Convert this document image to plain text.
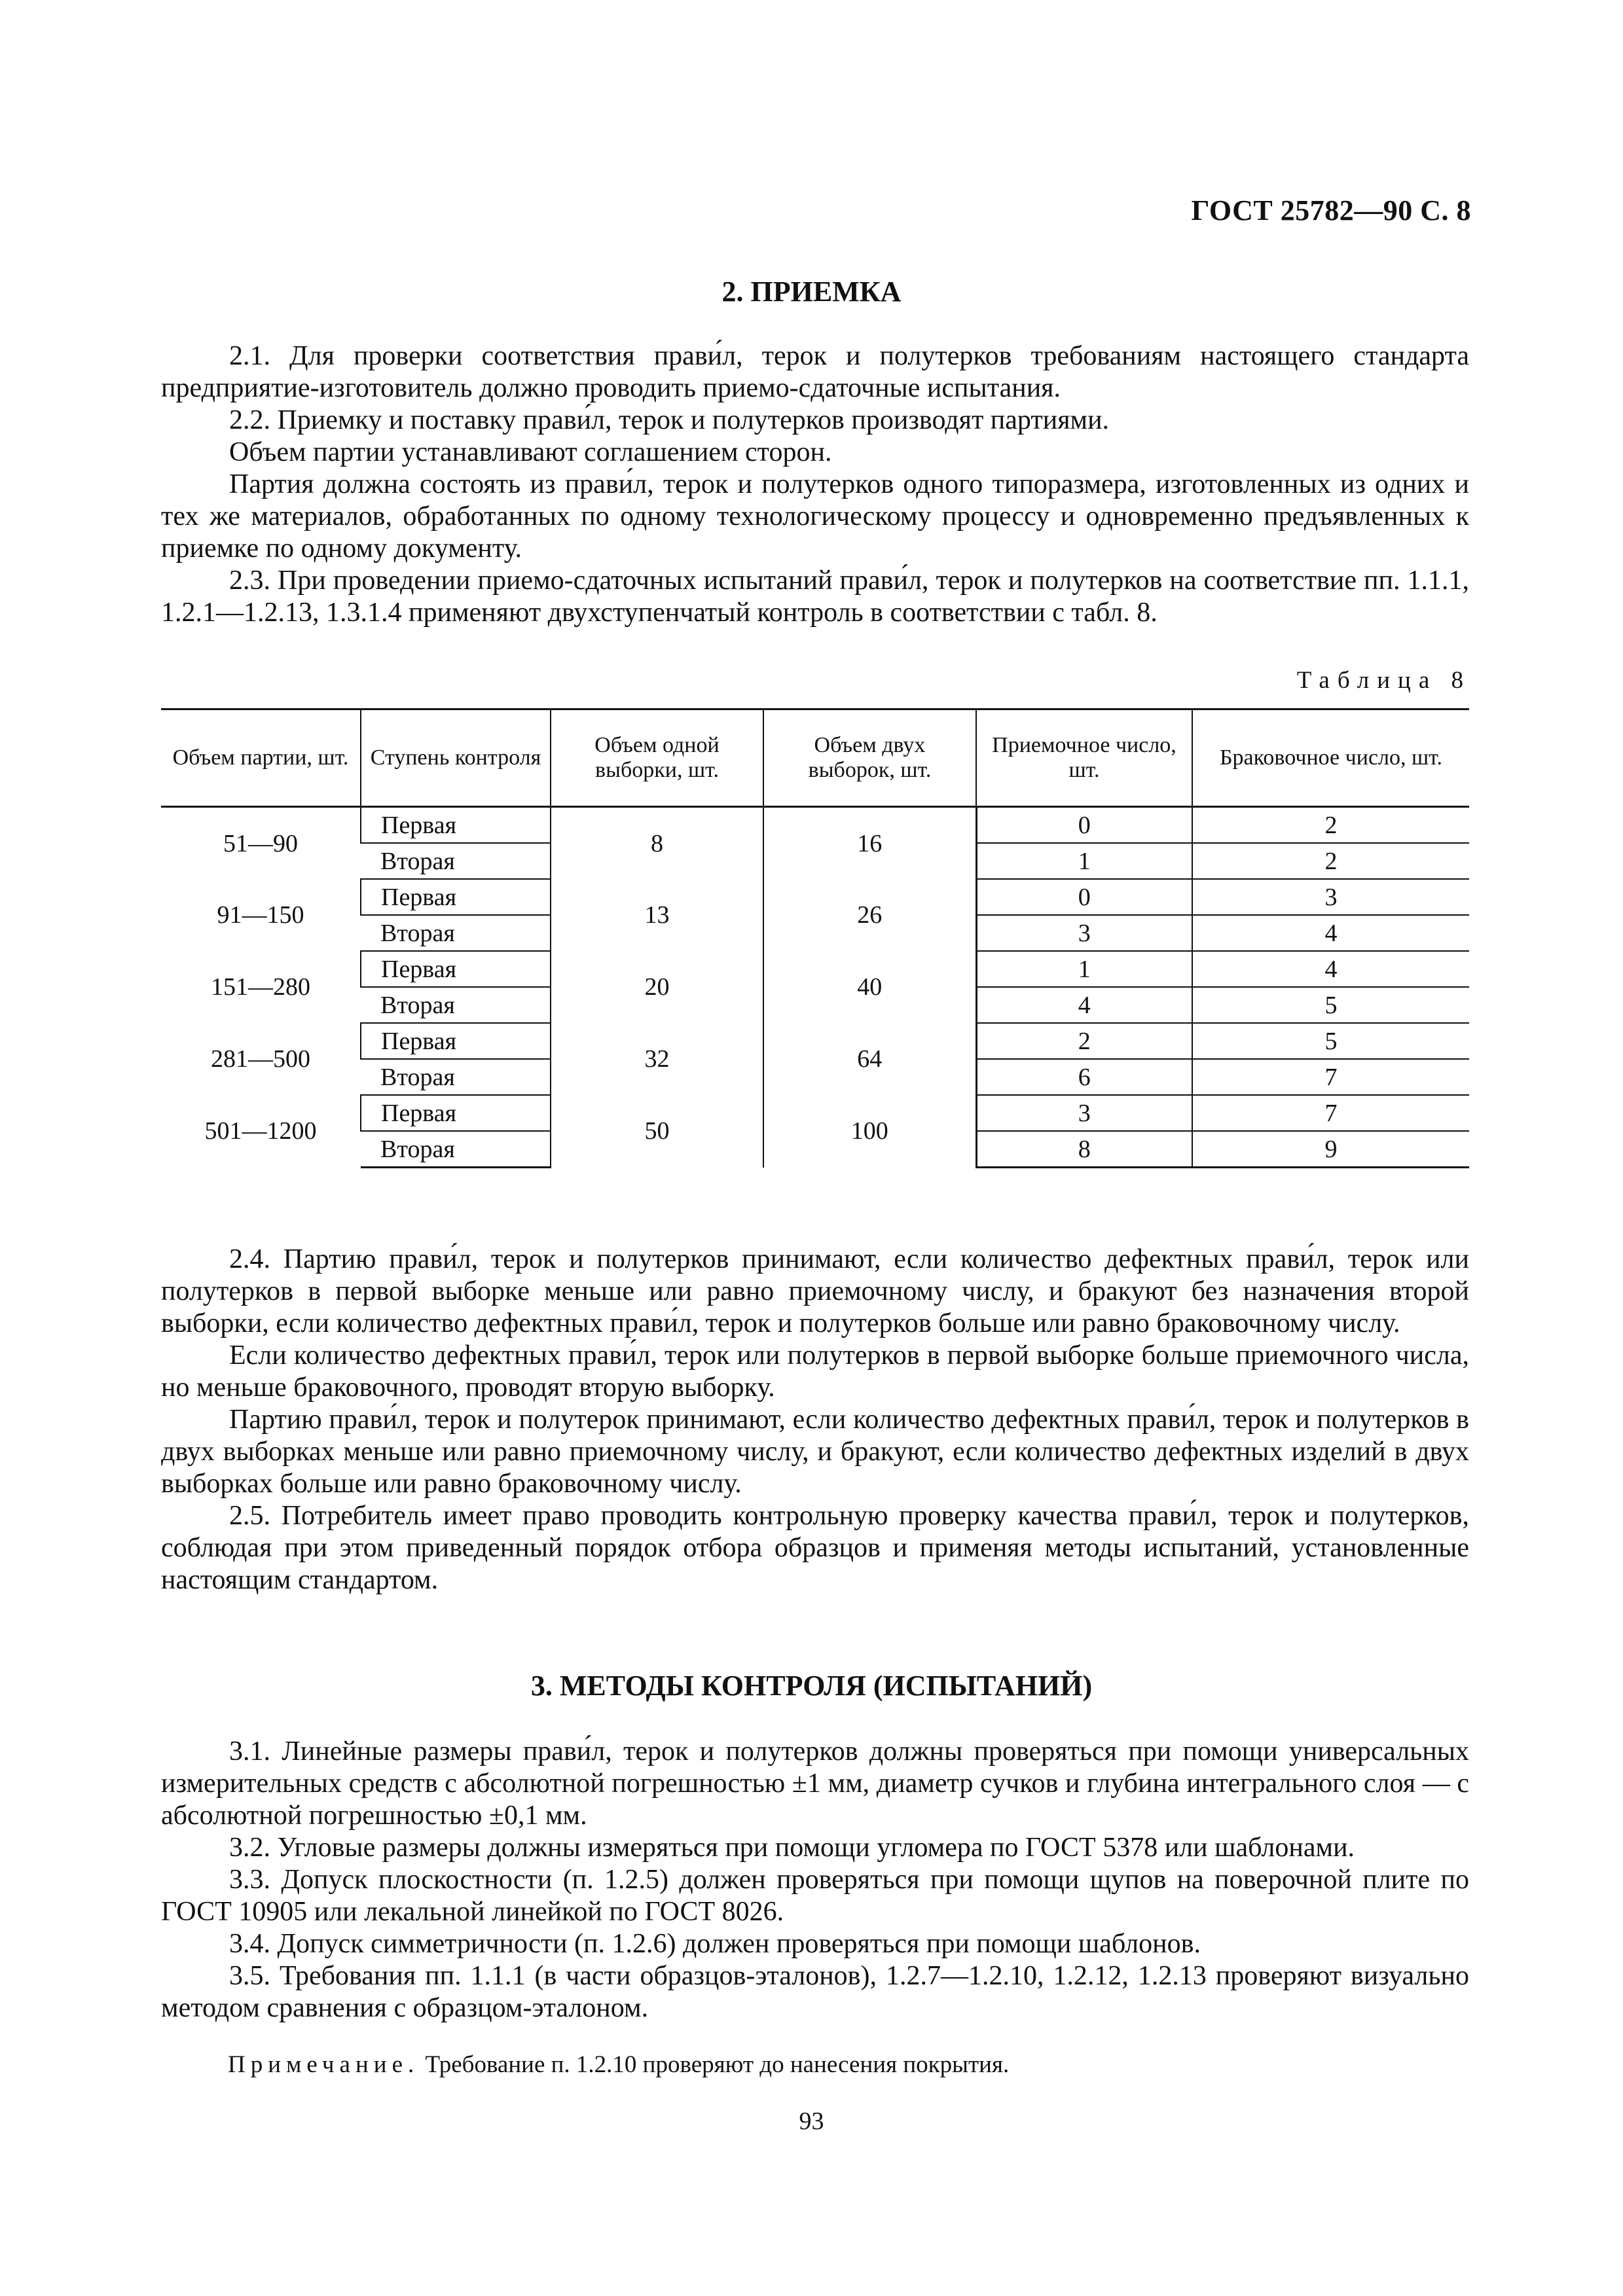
ГОСТ 25782—90 С. 8
2. ПРИЕМКА

2.1. Для проверки соответствия прави́л, терок и полутерков требованиям настоящего стандарта предприятие-изготовитель должно проводить приемо-сдаточные испытания.

2.2. Приемку и поставку прави́л, терок и полутерков производят партиями.

Объем партии устанавливают соглашением сторон.

Партия должна состоять из прави́л, терок и полутерков одного типоразмера, изготовленных из одних и тех же материалов, обработанных по одному технологическому процессу и одновременно предъявленных к приемке по одному документу.

2.3. При проведении приемо-сдаточных испытаний прави́л, терок и полутерков на соответствие пп. 1.1.1, 1.2.1—1.2.13, 1.3.1.4 применяют двухступенчатый контроль в соответствии с табл. 8.

Таблица 8
Объем партии, шт.	Ступень контроля	Объем одной выборки, шт.	Объем двух выборок, шт.	Приемочное число, шт.	Браковочное число, шт.
51—90	Первая	8	16	0	2
	Вторая			1	2
91—150	Первая	13	26	0	3
	Вторая			3	4
151—280	Первая	20	40	1	4
	Вторая			4	5
281—500	Первая	32	64	2	5
	Вторая			6	7
501—1200	Первая	50	100	3	7
	Вторая			8	9

2.4. Партию прави́л, терок и полутерков принимают, если количество дефектных прави́л, терок или полутерков в первой выборке меньше или равно приемочному числу, и бракуют без назначения второй выборки, если количество дефектных прави́л, терок и полутерков больше или равно браковочному числу.

Если количество дефектных прави́л, терок или полутерков в первой выборке больше приемочного числа, но меньше браковочного, проводят вторую выборку.

Партию прави́л, терок и полутерок принимают, если количество дефектных прави́л, терок и полутерков в двух выборках меньше или равно приемочному числу, и бракуют, если количество дефектных изделий в двух выборках больше или равно браковочному числу.

2.5. Потребитель имеет право проводить контрольную проверку качества прави́л, терок и полутерков, соблюдая при этом приведенный порядок отбора образцов и применяя методы испытаний, установленные настоящим стандартом.

3. МЕТОДЫ КОНТРОЛЯ (ИСПЫТАНИЙ)

3.1. Линейные размеры прави́л, терок и полутерков должны проверяться при помощи универсальных измерительных средств с абсолютной погрешностью ±1 мм, диаметр сучков и глубина интегрального слоя — с абсолютной погрешностью ±0,1 мм.

3.2. Угловые размеры должны измеряться при помощи угломера по ГОСТ 5378 или шаблонами.

3.3. Допуск плоскостности (п. 1.2.5) должен проверяться при помощи щупов на поверочной плите по ГОСТ 10905 или лекальной линейкой по ГОСТ 8026.

3.4. Допуск симметричности (п. 1.2.6) должен проверяться при помощи шаблонов.

3.5. Требования пп. 1.1.1 (в части образцов-эталонов), 1.2.7—1.2.10, 1.2.12, 1.2.13 проверяют визуально методом сравнения с образцом-эталоном.

Примечание. Требование п. 1.2.10 проверяют до нанесения покрытия.
93
